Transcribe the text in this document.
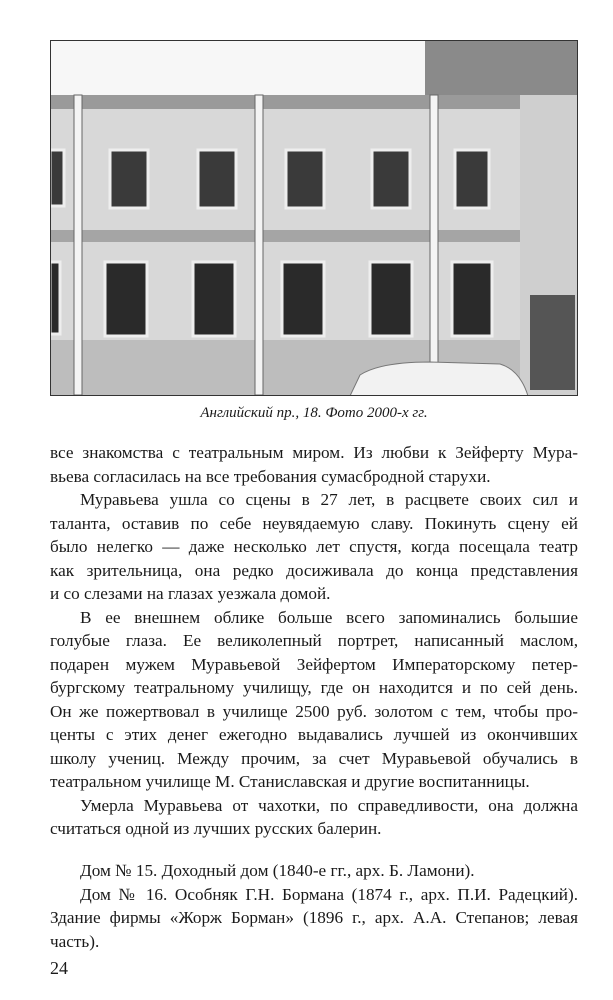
Английский пр., 18. Фото 2000-х гг.
все знакомства с театральным миром. Из любви к Зейферту Мура-
вьева согласилась на все требования сумасбродной старухи.
Муравьева ушла со сцены в 27 лет, в расцвете своих сил и
таланта, оставив по себе неувядаемую славу. Покинуть сцену ей
было нелегко — даже несколько лет спустя, когда посещала театр
как зрительница, она редко досиживала до конца представления
и со слезами на глазах уезжала домой.
В ее внешнем облике больше всего запоминались большие
голубые глаза. Ее великолепный портрет, написанный маслом,
подарен мужем Муравьевой Зейфертом Императорскому петер-
бургскому театральному училищу, где он находится и по сей день.
Он же пожертвовал в училище 2500 руб. золотом с тем, чтобы про-
центы с этих денег ежегодно выдавались лучшей из окончивших
школу учениц. Между прочим, за счет Муравьевой обучались в
театральном училище М. Станиславская и другие воспитанницы.
Умерла Муравьева от чахотки, по справедливости, она должна
считаться одной из лучших русских балерин.
Дом № 15. Доходный дом (1840-е гг., арх. Б. Ламони).
Дом № 16. Особняк Г.Н. Бормана (1874 г., арх. П.И. Радецкий).
Здание фирмы «Жорж Борман» (1896 г., арх. А.А. Степанов; левая
часть).
24
